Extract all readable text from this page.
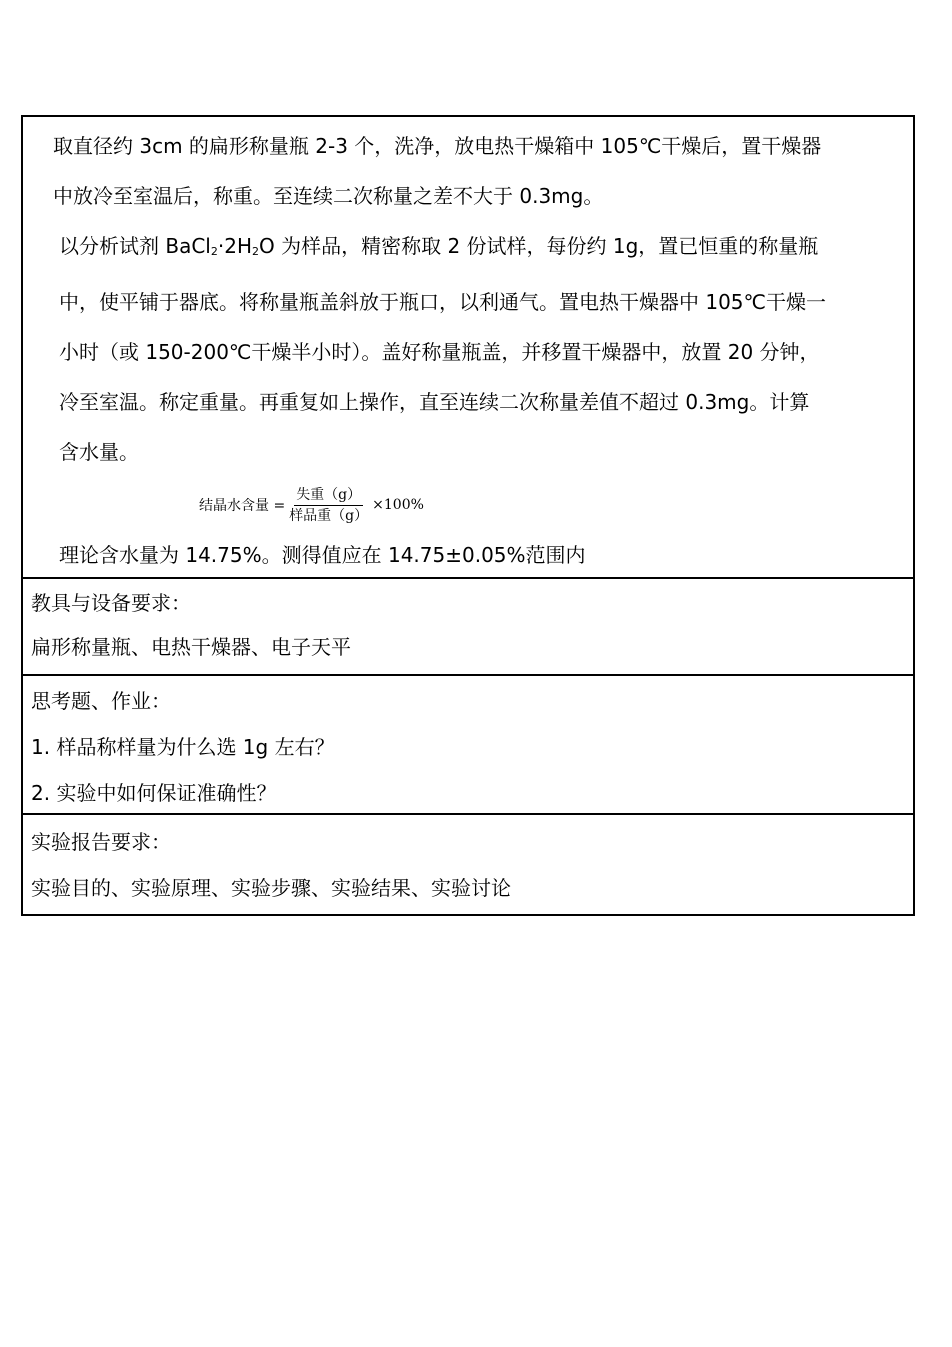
取直径约 3cm 的扁形称量瓶 2-3 个，洗净，放电热干燥箱中 105℃干燥后，置干燥器

中放冷至室温后，称重。至连续二次称量之差不大于 0.3mg。

以分析试剂 $BaCl_2\cdot 2H_2O$ 为样品，精密称取 2 份试样，每份约 1g，置已恒重的称量瓶

中，使平铺于器底。将称量瓶盖斜放于瓶口，以利通气。置电热干燥器中 105℃干燥一

小时（或 150-200℃干燥半小时）。盖好称量瓶盖，并移置干燥器中，放置 20 分钟，

冷至室温。称定重量。再重复如上操作，直至连续二次称量差值不超过 0.3mg。计算

含水量。

结晶水含量 = $\frac{\text{失重（g）}}{\text{样品重（g）}} \times 100\%$

理论含水量为 14.75%。测得值应在 14.75±0.05%范围内

教具与设备要求：

扁形称量瓶、电热干燥器、电子天平

思考题、作业：

1. 样品称样量为什么选 1g 左右？

2. 实验中如何保证准确性？

实验报告要求：

实验目的、实验原理、实验步骤、实验结果、实验讨论
